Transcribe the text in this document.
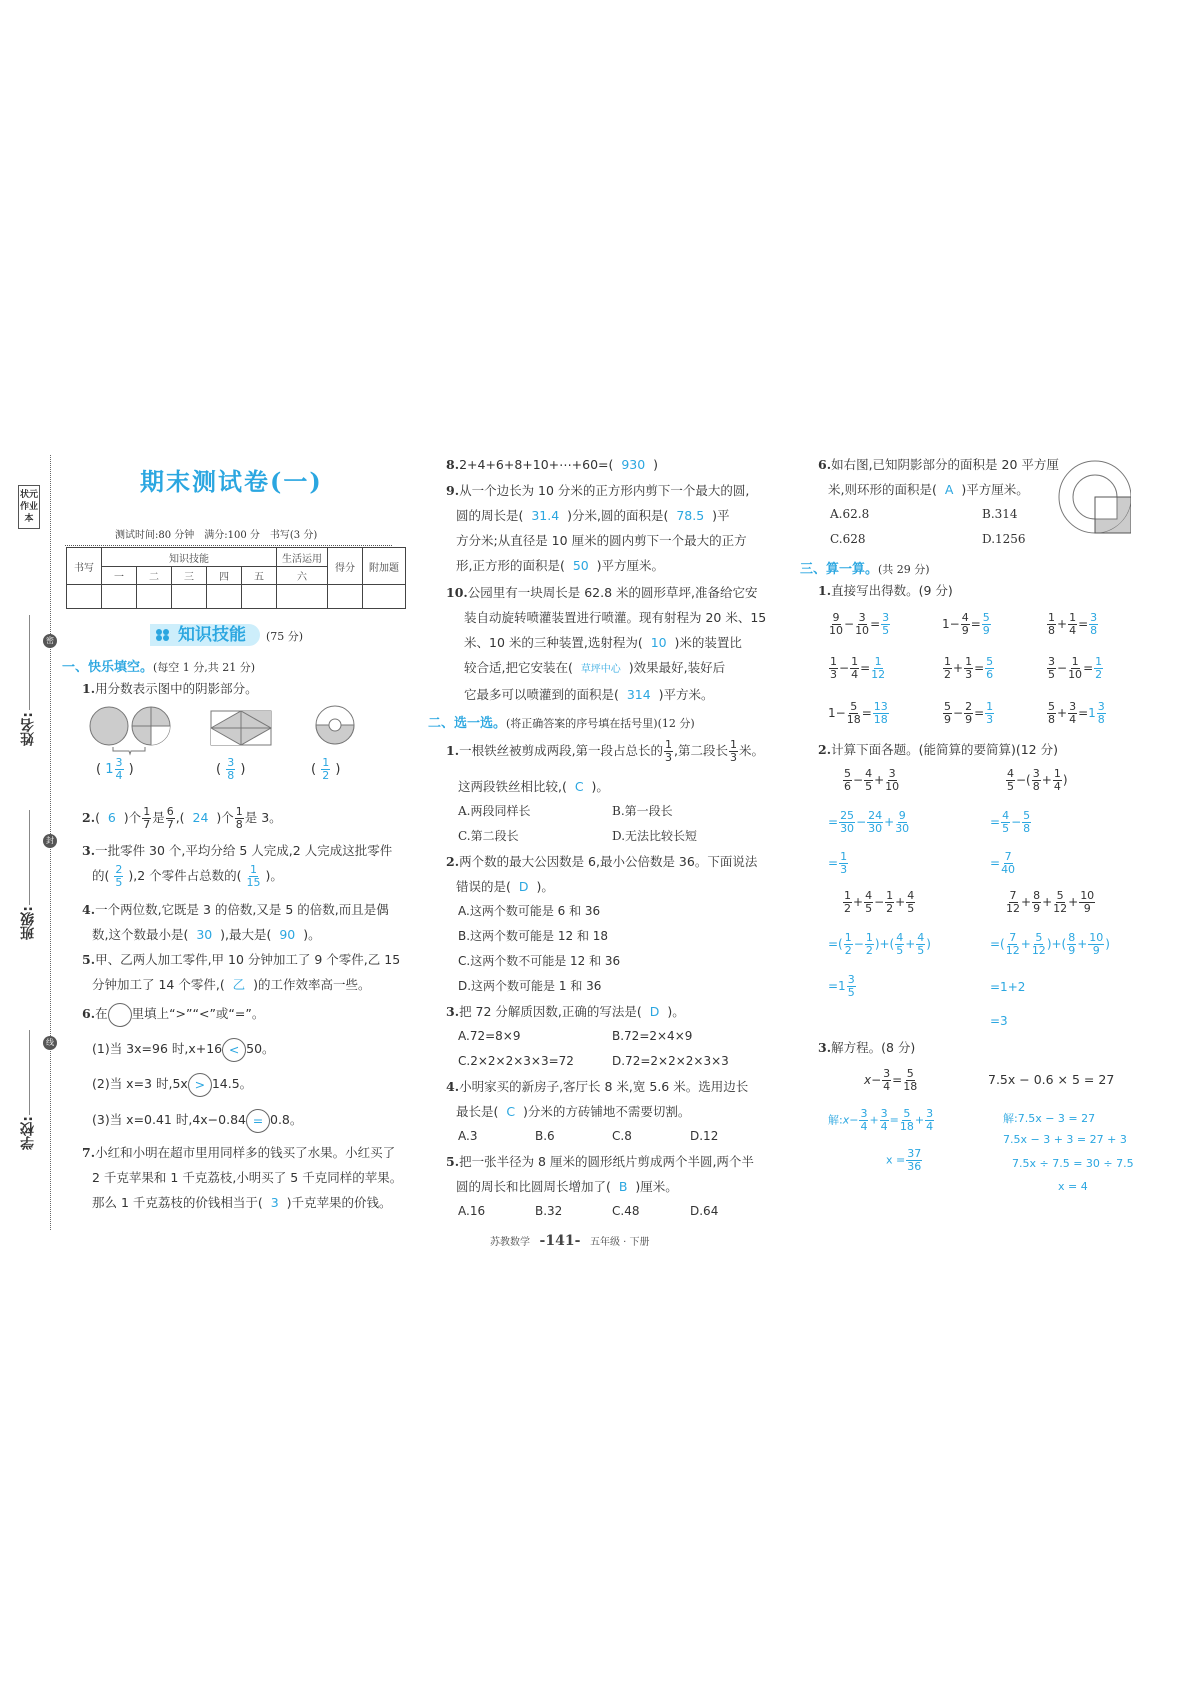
状元作业本
密
封
线
姓名:
班级:
学校:
期末测试卷(一)
测试时间:80 分钟　满分:100 分　书写(3 分)
书写	知识技能					生活运用	得分	附加题
	一	二	三	四	五	六		

知识技能	(75 分)
一、快乐填空。(每空 1 分,共 21 分)
1.用分数表示图中的阴影部分。
( $1 \frac{3}{4}$ )	( $\frac{3}{8}$ )	( $\frac{1}{2}$ )
2.(  6  )个 $\frac{1}{7}$ 是 $\frac{6}{7}$ ,(  24  )个 $\frac{1}{8}$ 是 3。
3.一批零件 30 个,平均分给 5 人完成,2 人完成这批零件
的( $\frac{2}{5} ),2$ 个零件占总数的( $\frac{1}{15}$ )。
4.一个两位数,它既是 3 的倍数,又是 5 的倍数,而且是偶
数,这个数最小是( 30 ),最大是( 90 )。
5.甲、乙两人加工零件,甲 10 分钟加工了 9 个零件,乙 15
分钟加工了 14 个零件,( 乙 )的工作效率高一些。
6.在 里填上“>”“<”或“=”。
(1)当 3x=96 时,x+16 < 50。
(2)当 x=3 时,5x > 14.5。
(3)当 x=0.41 时,4x−0.84 = 0.8。
7.小红和小明在超市里用同样多的钱买了水果。小红买了
2 千克苹果和 1 千克荔枝,小明买了 5 千克同样的苹果。
那么 1 千克荔枝的价钱相当于( 3 )千克苹果的价钱。
8.2+4+6+8+10+⋯+60=( 930 )
9.从一个边长为 10 分米的正方形内剪下一个最大的圆,
圆的周长是( 31.4 )分米,圆的面积是( 78.5 )平
方分米;从直径是 10 厘米的圆内剪下一个最大的正方
形,正方形的面积是( 50 )平方厘米。
10.公园里有一块周长是 62.8 米的圆形草坪,准备给它安
装自动旋转喷灌装置进行喷灌。现有射程为 20 米、15
米、10 米的三种装置,选射程为( 10 )米的装置比
较合适,把它安装在( 草坪中心 )效果最好,装好后
它最多可以喷灌到的面积是( 314 )平方米。
二、选一选。(将正确答案的序号填在括号里)(12 分)
1.一根铁丝被剪成两段,第一段占总长的 $\frac{1}{3}$ ,第二段长 $\frac{1}{3}$ 米。
这两段铁丝相比较,( C )。
A.两段同样长	B.第一段长
C.第二段长	D.无法比较长短
2.两个数的最大公因数是 6,最小公倍数是 36。下面说法
错误的是( D )。
A.这两个数可能是 6 和 36
B.这两个数可能是 12 和 18
C.这两个数不可能是 12 和 36
D.这两个数可能是 1 和 36
3.把 72 分解质因数,正确的写法是( D )。
A.72=8×9	B.72=2×4×9
C.2×2×2×3×3=72	D.72=2×2×2×3×3
4.小明家买的新房子,客厅长 8 米,宽 5.6 米。选用边长
最长是( C )分米的方砖铺地不需要切割。
A.3	B.6	C.8	D.12
5.把一张半径为 8 厘米的圆形纸片剪成两个半圆,两个半
圆的周长和比圆周长增加了( B )厘米。
A.16	B.32	C.48	D.64
苏教数学 -141- 五年级 · 下册
6.如右图,已知阴影部分的面积是 20 平方厘
米,则环形的面积是( A )平方厘米。
A.62.8	B.314
C.628	D.1256
三、算一算。(共 29 分)
1.直接写出得数。(9 分)
$\frac{9}{10} - \frac{3}{10} = \frac{3}{5}$	$1- \frac{4}{9} = \frac{5}{9}$	$\frac{1}{8} + \frac{1}{4} = \frac{3}{8}$
$\frac{1}{3} - \frac{1}{4} = \frac{1}{12}$	$\frac{1}{2} + \frac{1}{3} = \frac{5}{6}$	$\frac{3}{5} - \frac{1}{10} = \frac{1}{2}$
$1- \frac{5}{18} = \frac{13}{18}$	$\frac{5}{9} - \frac{2}{9} = \frac{1}{3}$	$\frac{5}{8} + \frac{3}{4} =1 \frac{3}{8}$
2.计算下面各题。(能简算的要简算)(12 分)
$\frac{5}{6} - \frac{4}{5} + \frac{3}{10}$
= $\frac{25}{30} - \frac{24}{30} + \frac{9}{30}$
= $\frac{1}{3}$
$\frac{4}{5}$ −( $\frac{3}{8} + \frac{1}{4}$ )
= $\frac{4}{5} - \frac{5}{8}$
= $\frac{7}{40}$
$\frac{1}{2} + \frac{4}{5} - \frac{1}{2} + \frac{4}{5}$
=( $\frac{1}{2} - \frac{1}{2}$ )+( $\frac{4}{5} + \frac{4}{5}$ )
$=1 \frac{3}{5}$
$\frac{7}{12} + \frac{8}{9} + \frac{5}{12} + \frac{10}{9}$
=( $\frac{7}{12} + \frac{5}{12}$ )+( $\frac{8}{9} + \frac{10}{9}$ )
=1+2
=3
3.解方程。(8 分)
$x- \frac{3}{4} = \frac{5}{18}$
解:x− $\frac{3}{4} + \frac{3}{4} = \frac{5}{18} + \frac{3}{4}$
$x = \frac{37}{36}$
7.5x − 0.6 × 5 = 27
解:7.5x − 3 = 27
7.5x − 3 + 3 = 27 + 3
7.5x ÷ 7.5 = 30 ÷ 7.5
x = 4
